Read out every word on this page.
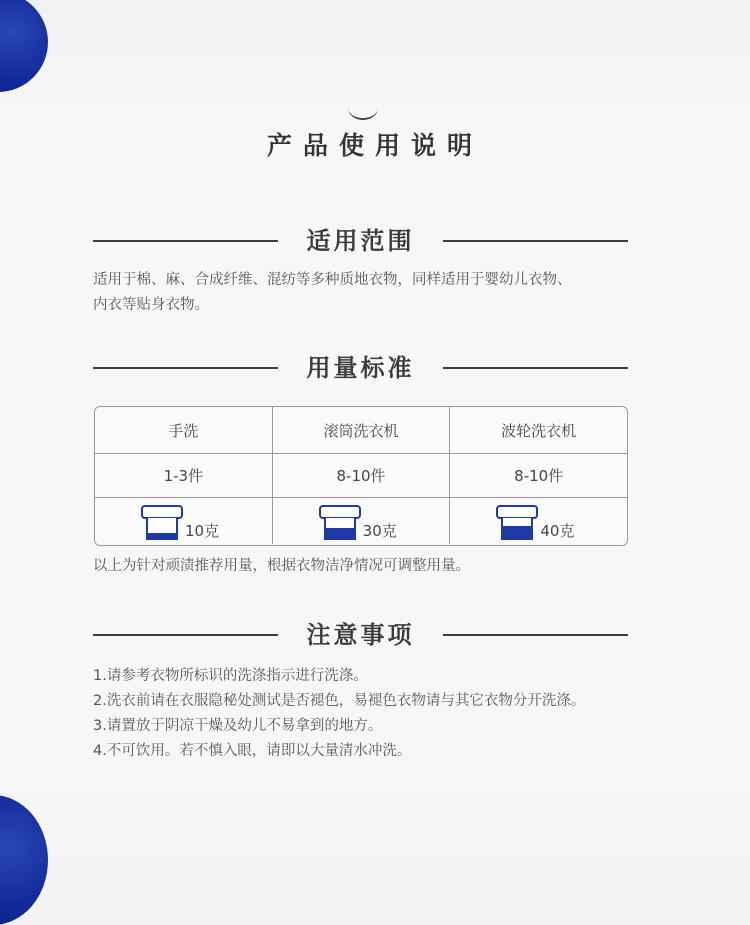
产品使用说明
适用范围
适用于棉、麻、合成纤维、混纺等多种质地衣物，同样适用于婴幼儿衣物、
内衣等贴身衣物。
用量标准
手洗	滚筒洗衣机	波轮洗衣机
1-3件	8-10件	8-10件
10克	30克	40克
以上为针对顽渍推荐用量，根据衣物洁净情况可调整用量。
注意事项
1.请参考衣物所标识的洗涤指示进行洗涤。
2.洗衣前请在衣服隐秘处测试是否褪色，易褪色衣物请与其它衣物分开洗涤。
3.请置放于阴凉干燥及幼儿不易拿到的地方。
4.不可饮用。若不慎入眼，请即以大量清水冲洗。
